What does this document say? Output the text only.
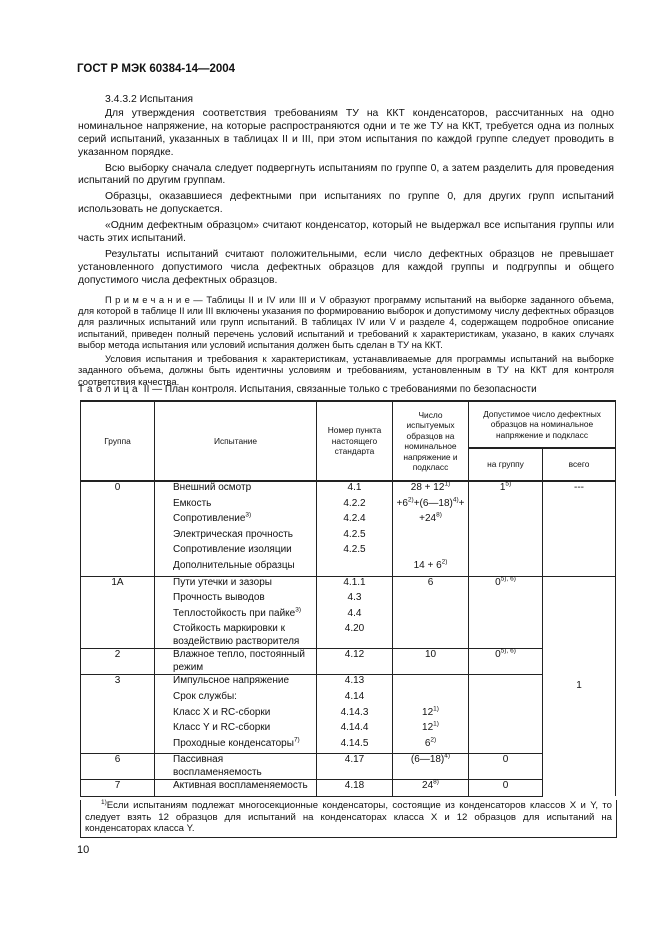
ГОСТ Р МЭК 60384-14—2004

3.4.3.2 Испытания

Для утверждения соответствия требованиям ТУ на ККТ конденсаторов, рассчитанных на одно номинальное напряжение, на которые распространяются одни и те же ТУ на ККТ, требуется одна из полных серий испытаний, указанных в таблицах II и III, при этом испытания по каждой группе следует проводить в указанном порядке.

Всю выборку сначала следует подвергнуть испытаниям по группе 0, а затем разделить для проведения испытаний по другим группам.

Образцы, оказавшиеся дефектными при испытаниях по группе 0, для других групп испытаний использовать не допускается.

«Одним дефектным образцом» считают конденсатор, который не выдержал все испытания группы или часть этих испытаний.

Результаты испытаний считают положительными, если число дефектных образцов не превышает установленного допустимого числа дефектных образцов для каждой группы и подгруппы и общего допустимого числа дефектных образцов.

Примечание— Таблицы II и IV или III и V образуют программу испытаний на выборке заданного объема, для которой в таблице II или III включены указания по формированию выборок и допустимому числу дефектных образцов для различных испытаний или групп испытаний. В таблицах IV или V и разделе 4, содержащем подробное описание испытаний, приведен полный перечень условий испытаний и требований к характеристикам, указано, в каких случаях выбор метода испытания или условий испытания должен быть сделан в ТУ на ККТ.

Условия испытания и требования к характеристикам, устанавливаемые для программы испытаний на выборке заданного объема, должны быть идентичны условиям и требованиям, установленным в ТУ на ККТ для контроля соответствия качества.

Таблица II — План контроля. Испытания, связанные только с требованиями по безопасности
Группа	Испытание	Номер пункта настоящего стандарта	Число испытуемых образцов на номинальное напряжение и подкласс	Допустимое число дефектных образцов на номинальное напряжение и подкласс	
				на группу	всего
0	Внешний осмотр	4.1	$28 + 12^{1)}$	1$^{5)}$	---
	Емкость	4.2.2	$+6^{2)}+(6—18)^{4)}+$		
	Сопротивление$^{3)}$	4.2.4	$+24^{8)}$
	Электрическая прочность	4.2.5			
	Сопротивление изоляции	4.2.5			
	Дополнительные образцы		$14 + 6^{2)}$
1А	Пути утечки и зазоры	4.1.1	6	$0^{5), 6)}$	1
	Прочность выводов	4.3			
	Теплостойкость при пайке$^{3)}$	4.4			
	Стойкость маркировки к воздействию растворителя	4.20			
2	Влажное тепло, постоянный режим	4.12	10	$0^{5), 6)}$
3	Импульсное напряжение	4.13			
	Срок службы:	4.14			
	Класс X и RC-сборки	4.14.3	12$^{1)}$
	Класс Y и RC-сборки	4.14.4	12$^{1)}$
	Проходные конденсаторы$^{7)}$	4.14.5	6$^{2)}$
6	Пассивная воспламеняемость	4.17	(6—18)$^{4)}$	0	
7	Активная воспламеняемость	4.18	24$^{8)}$	0	
$^{1)}$Если испытаниям подлежат многосекционные конденсаторы, состоящие из конденсаторов классов X и Y, то следует взять 12 образцов для испытаний на конденсаторах класса X и 12 образцов для испытаний на конденсаторах класса Y.
10
